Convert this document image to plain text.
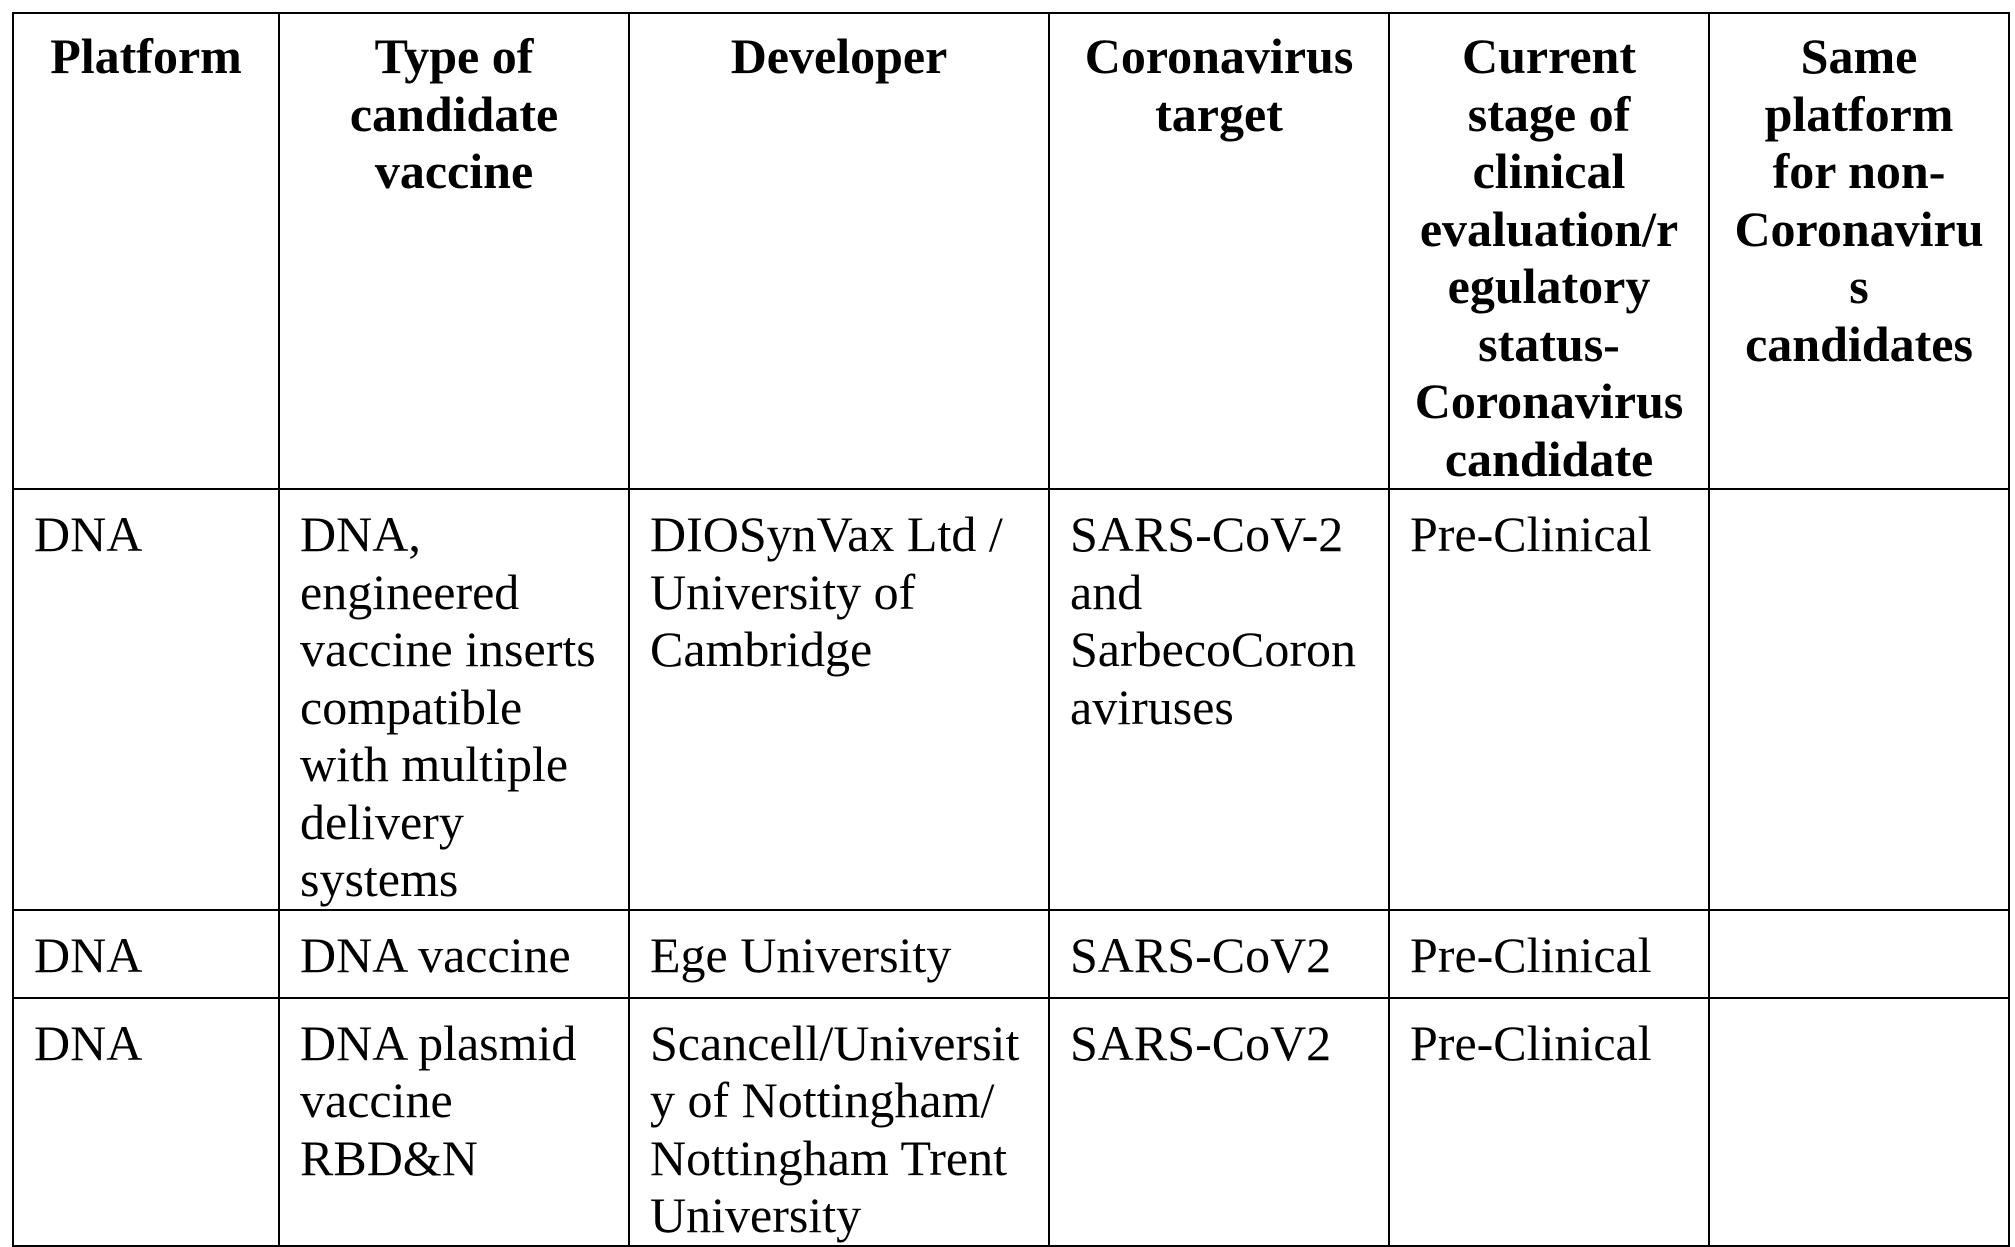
Platform	Type of candidate vaccine	Developer	Coronavirus target	Current stage of clinical evaluation/regulatory status-Coronavirus candidate	Same platform for non-Coronavirus candidates
DNA	DNA, engineered vaccine inserts compatible with multiple delivery systems	DIOSynVax Ltd / University of Cambridge	SARS-CoV-2 and SarbecoCoronaviruses	Pre-Clinical	
DNA	DNA vaccine	Ege University	SARS-CoV2	Pre-Clinical	
DNA	DNA plasmid vaccine RBD&N	Scancell/University of Nottingham/ Nottingham Trent University	SARS-CoV2	Pre-Clinical	
